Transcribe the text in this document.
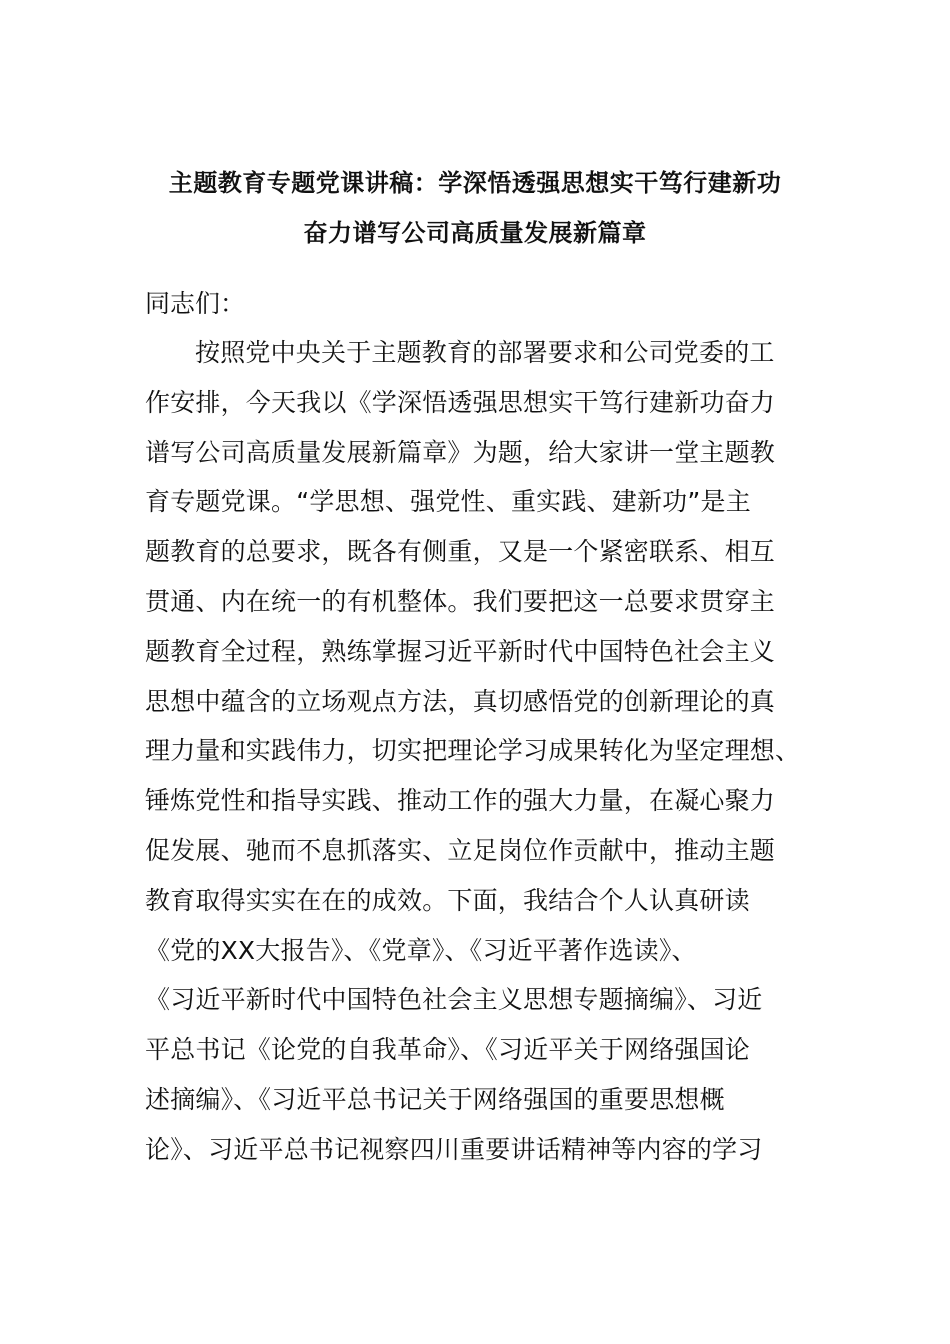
主题教育专题党课讲稿：学深悟透强思想实干笃行建新功
奋力谱写公司高质量发展新篇章
同志们：
按照党中央关于主题教育的部署要求和公司党委的工
作安排，今天我以《学深悟透强思想实干笃行建新功奋力
谱写公司高质量发展新篇章》为题，给大家讲一堂主题教
育专题党课。“学思想、强党性、重实践、建新功”是主
题教育的总要求，既各有侧重，又是一个紧密联系、相互
贯通、内在统一的有机整体。我们要把这一总要求贯穿主
题教育全过程，熟练掌握习近平新时代中国特色社会主义
思想中蕴含的立场观点方法，真切感悟党的创新理论的真
理力量和实践伟力，切实把理论学习成果转化为坚定理想、
锤炼党性和指导实践、推动工作的强大力量，在凝心聚力
促发展、驰而不息抓落实、立足岗位作贡献中，推动主题
教育取得实实在在的成效。下面，我结合个人认真研读
《党的XX大报告》、《党章》、《习近平著作选读》、
《习近平新时代中国特色社会主义思想专题摘编》、习近
平总书记《论党的自我革命》、《习近平关于网络强国论
述摘编》、《习近平总书记关于网络强国的重要思想概
论》、习近平总书记视察四川重要讲话精神等内容的学习
